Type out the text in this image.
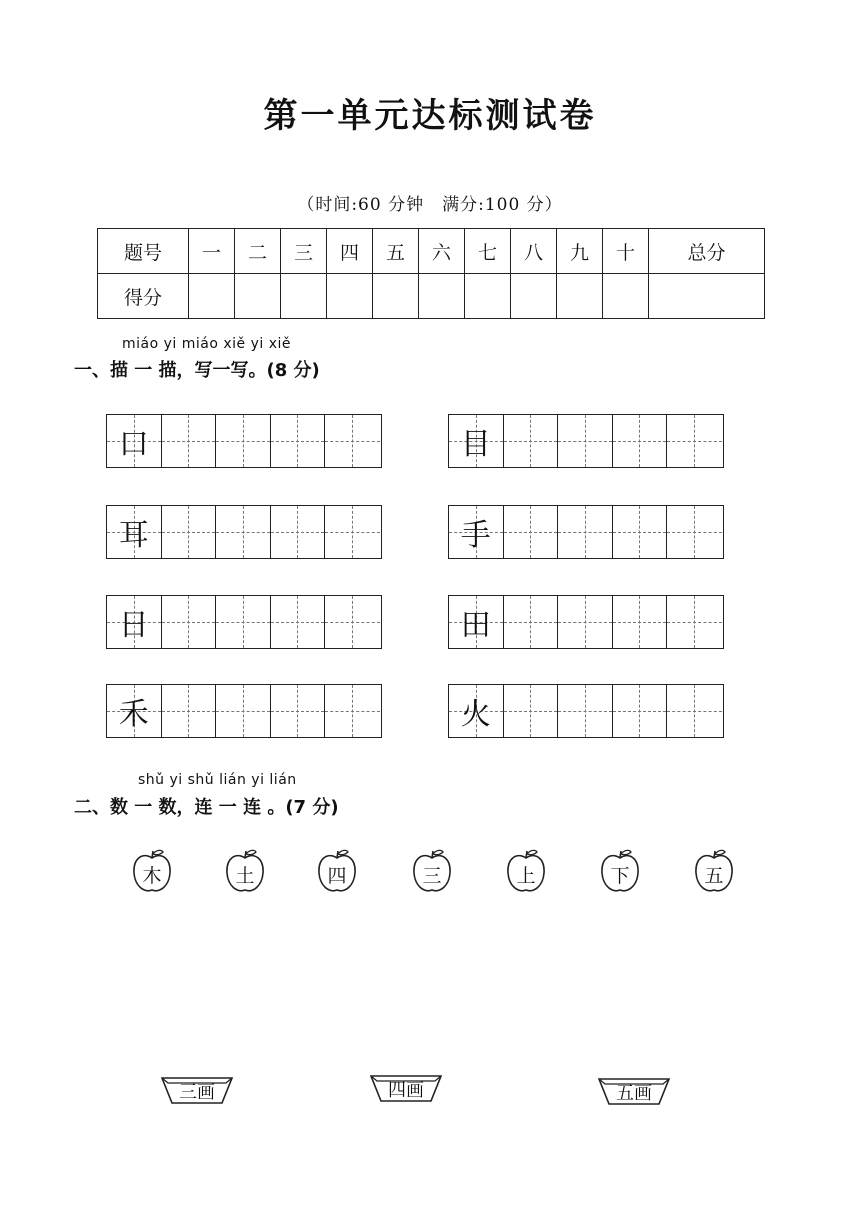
第一单元达标测试卷
（时间:60 分钟　满分:100 分）
题号	一	二	三	四	五	六	七	八	九	十	总分
得分											
miáo yi miáo xiě yi xiě
一、描 一 描，写一写。(8 分)
口	目
耳	手
日	田
禾	火
shǔ yi shǔ lián yi lián
二、数 一 数，连 一 连 。(7 分)
木	土	四	三	上	下	五
三画	四画	五画
